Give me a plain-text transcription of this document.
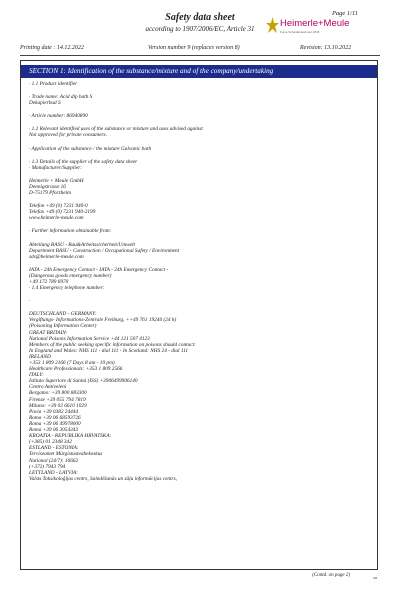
Page 1/11
Safety data sheet
according to 1907/2006/EC, Article 31	Heimerle+Meule
Feine Scheidanstalt seit 1845
Printing date : 14.12.2022	Version number 9 (replaces version 8)	Revision: 13.10.2022
SECTION 1: Identification of the substance/mixture and of the company/undertaking
· 1.1 Product identifier
· Trade name: Acid dip bath S
Dekapierbad S
· Article number: 86940890
· 1.2 Relevant identified uses of the substance or mixture and uses advised against
Not approved for private consumers.
· Application of the substance / the mixture Galvanic bath
· 1.3 Details of the supplier of the safety data sheet
· Manufacturer/Supplier:
Heimerle + Meule GmbH
Dennigstrasse 16
D-75179 Pforzheim
Telefon +49 (0) 7231 940-0
Telefax +49 (0) 7231 940-2199
www.heimerle-meule.com
· Further information obtainable from:
Abteilung BASU - Bau&Arbeitssicherheit/Umwelt
Department BASU - Construction / Occupational Safety / Environment
sds@heimerle-meule.com
IATA - 24h Emergency Contact - IATA - 24h Emergency Contact -
(Dangerous goods emergency number)
+49 172 789 6970
· 1.4 Emergency telephone number:
·
DEUTSCHLAND - GERMANY:
Vergiftungs- Informations-Zentrale Freiburg, ++49 761 19240 (24 h)
(Poisoning Information Center)
GREAT BRITAIN:
National Poisons Information Service +44 121 507 4123
Members of the public seeking specific information on poisons should contact:
In England and Wales: NHS 111 - dial 111 - In Scotland: NHS 24 - dial 111
IRELAND
+353 1 809 2166 (7 Days 8 am - 10 pm)
Healthcare Professionals: +353 1 809 2566
ITALY:
Istituto Superiore di Sanità (ISS) +3906499906140
Centro Antiveleni
Bergamo: +39 800 883300
Firenze +39 055 794 7819
Milano: +39 02 6610 1029
Pavia +39 0382 24444
Roma +39 06 68593726
Roma +39 06 49978000
Roma +39 06 3054343
KROATIA - REPUBLIKA HRVATSKA:
(+385) 01 2348 342
ESTLAND - ESTONIA:
Terviseamet Mürgistusteabekeskus
National (24/7): 16662
(+372) 7943 794
LETTLAND - LATVIA:
Valsts Toksikoloģijas centrs, Saindēšanās un zāļu informācijas centrs,
(Contd. on page 2)	GB
